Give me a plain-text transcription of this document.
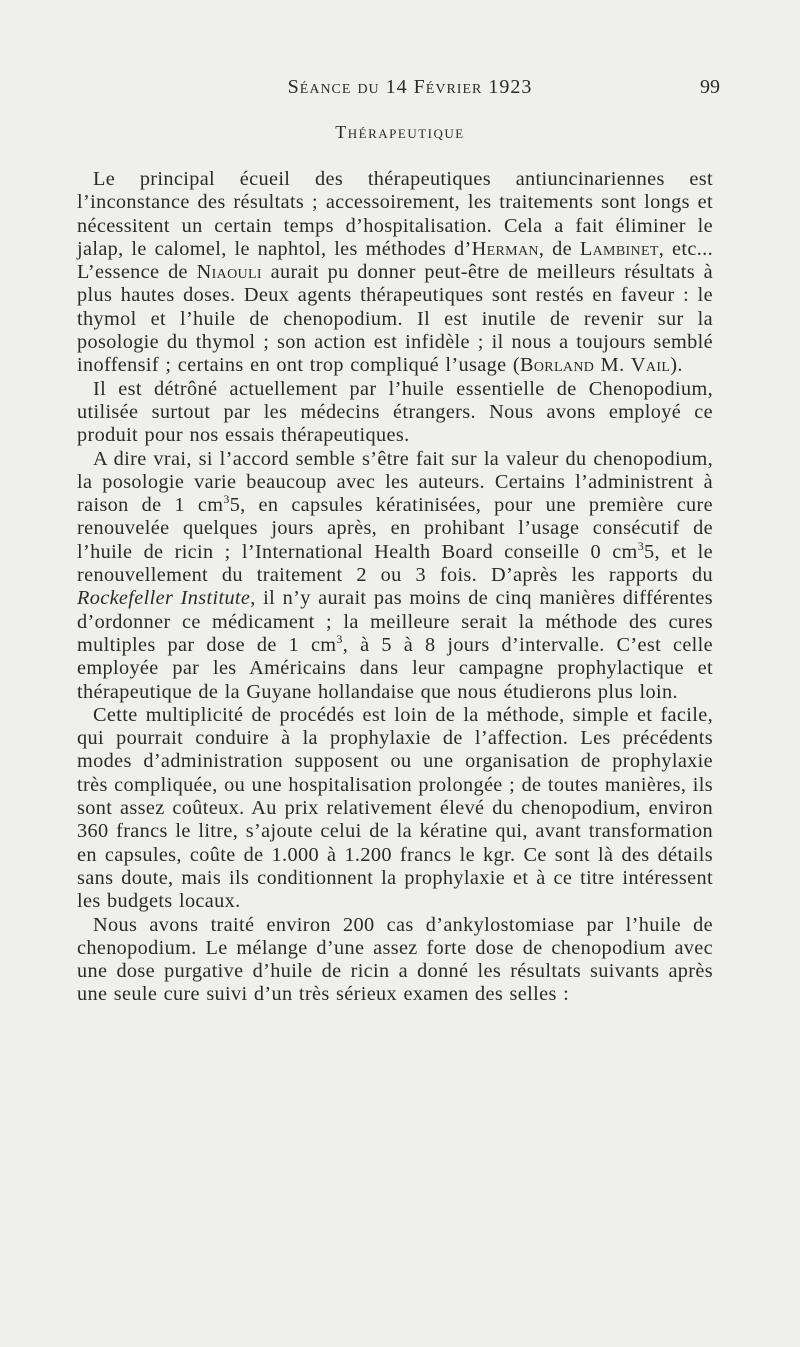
Séance du 14 Février 1923	99
Thérapeutique

Le principal écueil des thérapeutiques antiuncinariennes est l’inconstance des résultats ; accessoirement, les traitements sont longs et nécessitent un certain temps d’hospitalisation. Cela a fait éliminer le jalap, le calomel, le naphtol, les méthodes d’Herman, de Lambinet, etc... L’essence de Niaouli aurait pu donner peut-être de meilleurs résultats à plus hautes doses. Deux agents thérapeutiques sont restés en faveur : le thymol et l’huile de chenopodium. Il est inutile de revenir sur la posologie du thymol ; son action est infidèle ; il nous a toujours semblé inoffensif ; certains en ont trop compliqué l’usage (Borland M. Vail).

Il est détrôné actuellement par l’huile essentielle de Chenopodium, utilisée surtout par les médecins étrangers. Nous avons employé ce produit pour nos essais thérapeutiques.

A dire vrai, si l’accord semble s’être fait sur la valeur du chenopodium, la posologie varie beaucoup avec les auteurs. Certains l’administrent à raison de 1 $cm^35$, en capsules kératinisées, pour une première cure renouvelée quelques jours après, en prohibant l’usage consécutif de l’huile de ricin ; l’International Health Board conseille 0 $cm^35$, et le renouvellement du traitement 2 ou 3 fois. D’après les rapports du Rockefeller Institute, il n’y aurait pas moins de cinq manières différentes d’ordonner ce médicament ; la meilleure serait la méthode des cures multiples par dose de 1 $cm^3$, à 5 à 8 jours d’intervalle. C’est celle employée par les Américains dans leur campagne prophylactique et thérapeutique de la Guyane hollandaise que nous étudierons plus loin.

Cette multiplicité de procédés est loin de la méthode, simple et facile, qui pourrait conduire à la prophylaxie de l’affection. Les précédents modes d’administration supposent ou une organisation de prophylaxie très compliquée, ou une hospitalisation prolongée ; de toutes manières, ils sont assez coûteux. Au prix relativement élevé du chenopodium, environ 360 francs le litre, s’ajoute celui de la kératine qui, avant transformation en capsules, coûte de 1.000 à 1.200 francs le kgr. Ce sont là des détails sans doute, mais ils conditionnent la prophylaxie et à ce titre intéressent les budgets locaux.

Nous avons traité environ 200 cas d’ankylostomiase par l’huile de chenopodium. Le mélange d’une assez forte dose de chenopodium avec une dose purgative d’huile de ricin a donné les résultats suivants après une seule cure suivi d’un très sérieux examen des selles :
